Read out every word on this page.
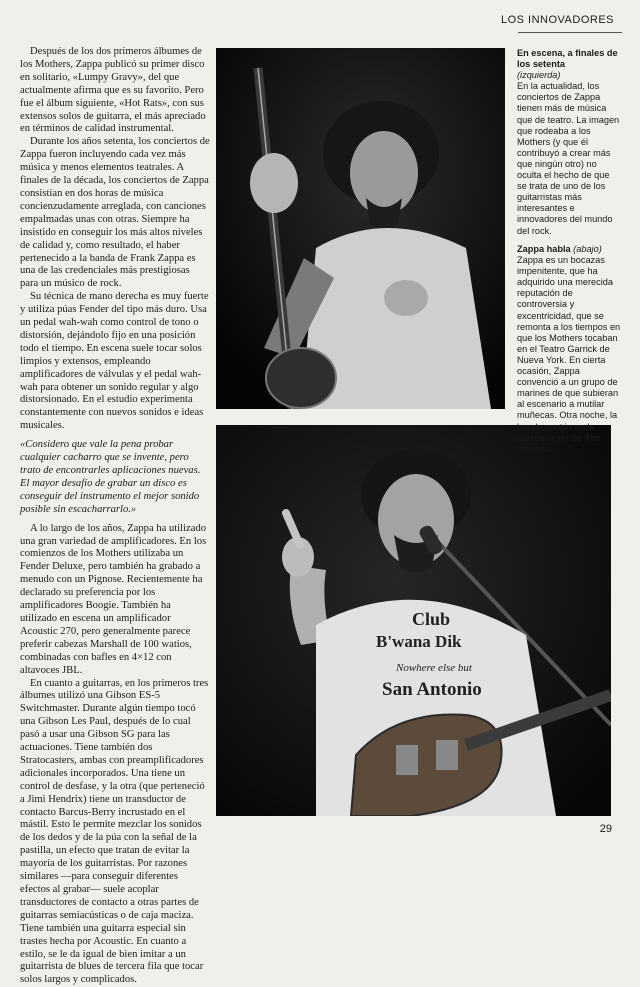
LOS INNOVADORES

Después de los dos primeros álbumes de los Mothers, Zappa publicó su primer disco en solitario, «Lumpy Gravy», del que actualmente afirma que es su favorito. Pero fue el álbum siguiente, «Hot Rats», con sus extensos solos de guitarra, el más apreciado en términos de calidad instrumental.

Durante los años setenta, los conciertos de Zappa fueron incluyendo cada vez más música y menos elementos teatrales. A finales de la década, los conciertos de Zappa consistían en dos horas de música concienzudamente arreglada, con canciones empalmadas unas con otras. Siempre ha insistido en conseguir los más altos niveles de calidad y, como resultado, el haber pertenecido a la banda de Frank Zappa es una de las credenciales más prestigiosas para un músico de rock.

Su técnica de mano derecha es muy fuerte y utiliza púas Fender del tipo más duro. Usa un pedal wah-wah como control de tono o distorsión, dejándolo fijo en una posición todo el tiempo. En escena suele tocar solos limpios y extensos, empleando amplificadores de válvulas y el pedal wah-wah para obtener un sonido regular y algo distorsionado. En el estudio experimenta constantemente con nuevos sonidos e ideas musicales.

«Considero que vale la pena probar cualquier cacharro que se invente, pero trato de encontrarles aplicaciones nuevas. El mayor desafío de grabar un disco es conseguir del instrumento el mejor sonido posible sin escacharrarlo.»

A lo largo de los años, Zappa ha utilizado una gran variedad de amplificadores. En los comienzos de los Mothers utilizaba un Fender Deluxe, pero también ha grabado a menudo con un Pignose. Recientemente ha declarado su preferencia por los amplificadores Boogie. También ha utilizado en escena un amplificador Acoustic 270, pero generalmente parece preferir cabezas Marshall de 100 watios, combinadas con bafles en 4×12 con altavoces JBL.

En cuanto a guitarras, en los primeros tres álbumes utilizó una Gibson ES-5 Switchmaster. Durante algún tiempo tocó una Gibson Les Paul, después de lo cual pasó a usar una Gibson SG para las actuaciones. Tiene también dos Stratocasters, ambas con preamplificadores adicionales incorporados. Una tiene un control de desfase, y la otra (que perteneció a Jimi Hendrix) tiene un transductor de contacto Barcus-Berry incrustado en el mástil. Esto le permite mezclar los sonidos de los dedos y de la púa con la señal de la pastilla, un efecto que tratan de evitar la mayoría de los guitarristas. Por razones similares —para conseguir diferentes efectos al grabar— suele acoplar transductores de contacto a otras partes de guitarras semiacústicas o de caja maciza. Tiene también una guitarra especial sin trastes hecha por Acoustic. En cuanto a estilo, se le da igual de bien imitar a un guitarrista de blues de tercera fila que tocar solos largos y complicados.

Club
B'wana Dik
Nowhere else but
San Antonio
En escena, a finales de los setenta
(izquierda)
En la actualidad, los conciertos de Zappa tienen más de música que de teatro. La imagen que rodeaba a los Mothers (y que él contribuyó a crear más que ningún otro) no oculta el hecho de que se trata de uno de los guitarristas más interesantes e innovadores del mundo del rock.
Zappa habla (abajo)
Zappa es un bocazas impenitente, que ha adquirido una merecida reputación de controversia y excentricidad, que se remonta a los tiempos en que los Mothers tocaban en el Teatro Garrick de Nueva York. En cierta ocasión, Zappa convenció a un grupo de marines de que subieran al escenario a mutilar muñecas. Otra noche, la banda contó con la participación de Jimi Hendrix.
29
